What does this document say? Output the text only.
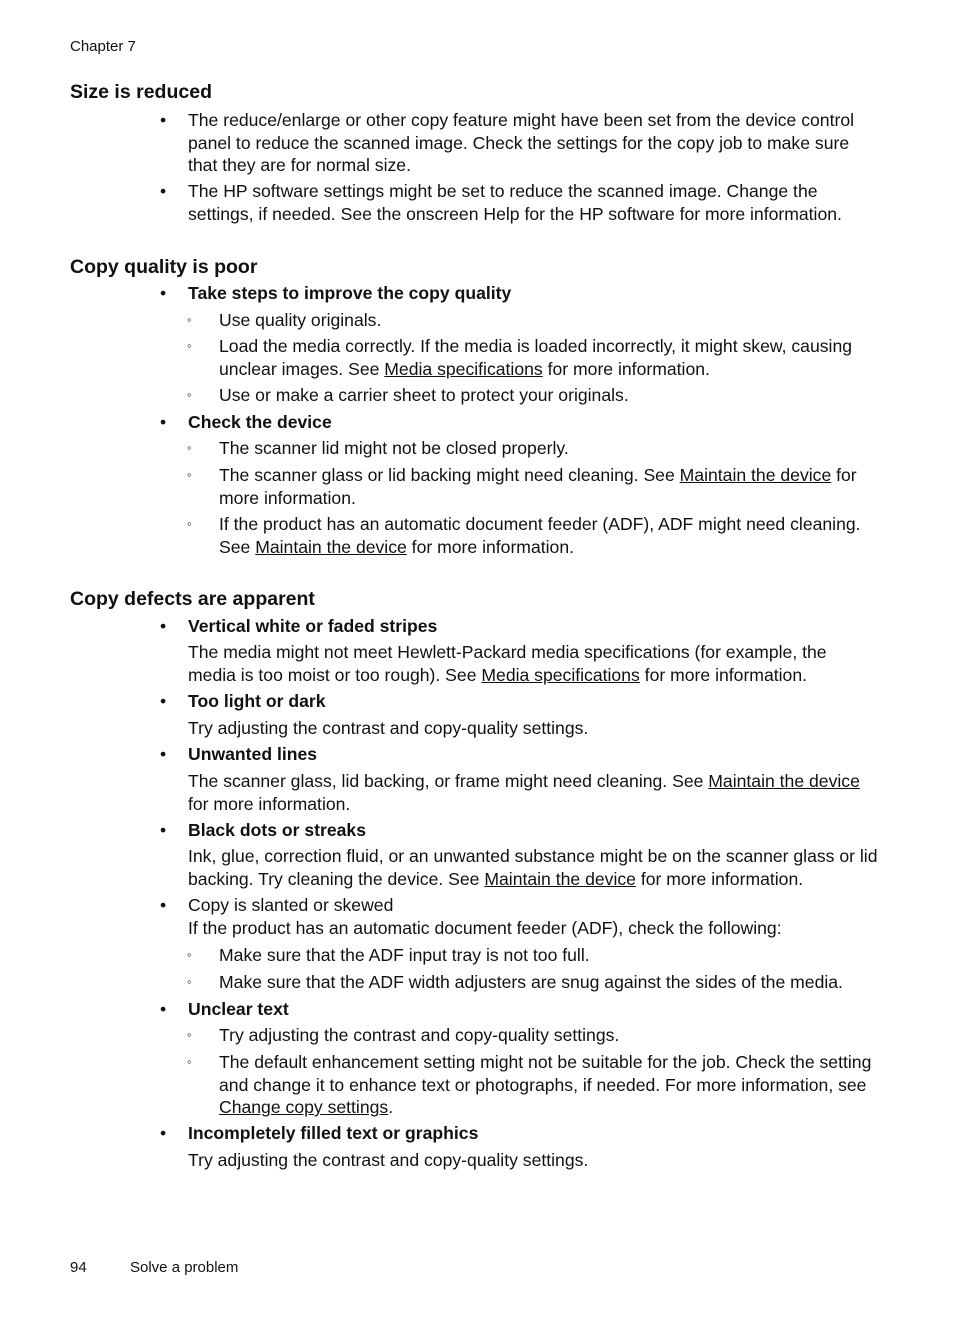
Chapter 7
Size is reduced
•	The reduce/enlarge or other copy feature might have been set from the device control panel to reduce the scanned image. Check the settings for the copy job to make sure that they are for normal size.
•	The HP software settings might be set to reduce the scanned image. Change the settings, if needed. See the onscreen Help for the HP software for more information.
Copy quality is poor
•	Take steps to improve the copy quality
◦ Use quality originals.
◦ Load the media correctly. If the media is loaded incorrectly, it might skew, causing unclear images. See Media specifications for more information.
◦ Use or make a carrier sheet to protect your originals.
•	Check the device
◦ The scanner lid might not be closed properly.
◦ The scanner glass or lid backing might need cleaning. See Maintain the device for more information.
◦ If the product has an automatic document feeder (ADF), ADF might need cleaning. See Maintain the device for more information.
Copy defects are apparent
•	Vertical white or faded stripes
The media might not meet Hewlett-Packard media specifications (for example, the media is too moist or too rough). See Media specifications for more information.
•	Too light or dark
Try adjusting the contrast and copy-quality settings.
•	Unwanted lines
The scanner glass, lid backing, or frame might need cleaning. See Maintain the device for more information.
•	Black dots or streaks
Ink, glue, correction fluid, or an unwanted substance might be on the scanner glass or lid backing. Try cleaning the device. See Maintain the device for more information.
•	Copy is slanted or skewed
If the product has an automatic document feeder (ADF), check the following:
◦ Make sure that the ADF input tray is not too full.
◦ Make sure that the ADF width adjusters are snug against the sides of the media.
•	Unclear text
◦ Try adjusting the contrast and copy-quality settings.
◦ The default enhancement setting might not be suitable for the job. Check the setting and change it to enhance text or photographs, if needed. For more information, see Change copy settings.
•	Incompletely filled text or graphics
Try adjusting the contrast and copy-quality settings.
94	Solve a problem
